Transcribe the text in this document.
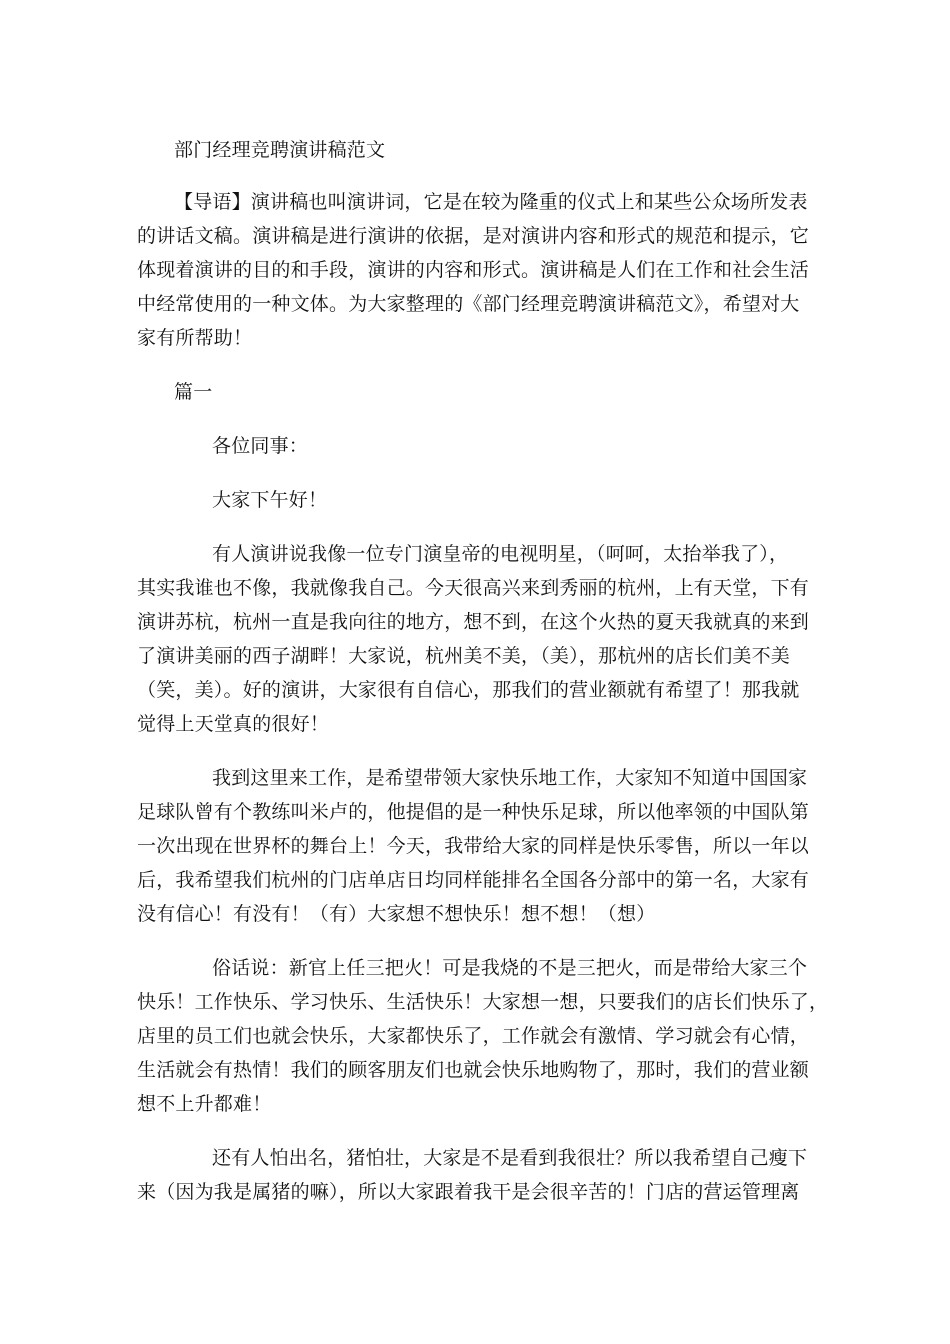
部门经理竞聘演讲稿范文
【导语】演讲稿也叫演讲词，它是在较为隆重的仪式上和某些公众场所发表
的讲话文稿。演讲稿是进行演讲的依据，是对演讲内容和形式的规范和提示，它
体现着演讲的目的和手段，演讲的内容和形式。演讲稿是人们在工作和社会生活
中经常使用的一种文体。为大家整理的《部门经理竞聘演讲稿范文》，希望对大
家有所帮助！
篇一
各位同事：
大家下午好！
有人演讲说我像一位专门演皇帝的电视明星，（呵呵，太抬举我了），
其实我谁也不像，我就像我自己。今天很高兴来到秀丽的杭州，上有天堂，下有
演讲苏杭，杭州一直是我向往的地方，想不到，在这个火热的夏天我就真的来到
了演讲美丽的西子湖畔！大家说，杭州美不美，（美），那杭州的店长们美不美
（笑，美）。好的演讲，大家很有自信心，那我们的营业额就有希望了！那我就
觉得上天堂真的很好！
我到这里来工作，是希望带领大家快乐地工作，大家知不知道中国国家
足球队曾有个教练叫米卢的，他提倡的是一种快乐足球，所以他率领的中国队第
一次出现在世界杯的舞台上！今天，我带给大家的同样是快乐零售，所以一年以
后，我希望我们杭州的门店单店日均同样能排名全国各分部中的第一名，大家有
没有信心！有没有！（有）大家想不想快乐！想不想！（想）
俗话说：新官上任三把火！可是我烧的不是三把火，而是带给大家三个
快乐！工作快乐、学习快乐、生活快乐！大家想一想，只要我们的店长们快乐了，
店里的员工们也就会快乐，大家都快乐了，工作就会有激情、学习就会有心情，
生活就会有热情！我们的顾客朋友们也就会快乐地购物了，那时，我们的营业额
想不上升都难！
还有人怕出名，猪怕壮，大家是不是看到我很壮？所以我希望自己瘦下
来（因为我是属猪的嘛），所以大家跟着我干是会很辛苦的！门店的营运管理离
